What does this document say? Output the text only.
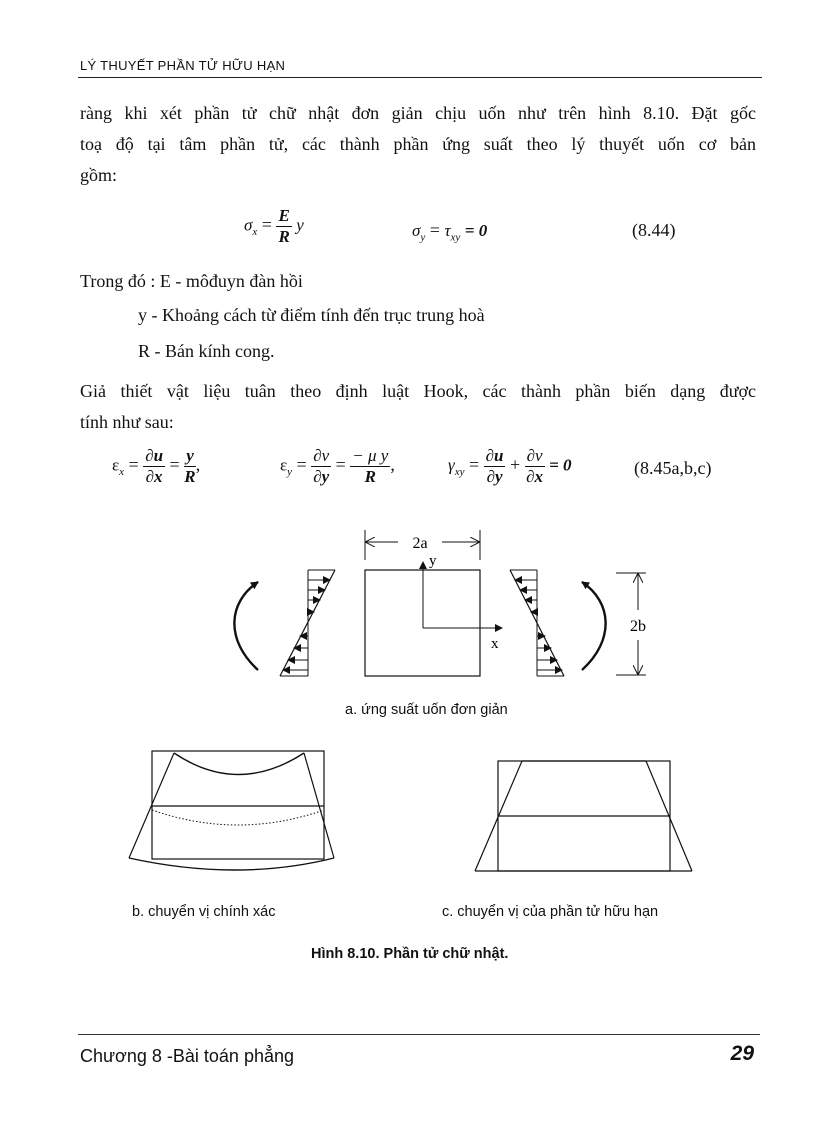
LÝ THUYẾT PHẦN TỬ HỮU HẠN
ràng khi xét phần tử chữ nhật đơn giản chịu uốn như trên hình 8.10. Đặt gốc
toạ độ tại tâm phần tử, các thành phần ứng suất theo lý thuyết uốn cơ bản
gồm:
$\sigma_x = \frac{E}{R}$ y	$\sigma_y = \tau_{xy} = 0$	(8.44)
Trong đó : E - môđuyn đàn hồi
y - Khoảng cách từ điểm tính đến trục trung hoà
R - Bán kính cong.
Giả thiết vật liệu tuân theo định luật Hook, các thành phần biến dạng được
tính như sau:
$\varepsilon_x = \frac{\partial u}{\partial x} = \frac{y}{R}$ ,	$\varepsilon_y = \frac{\partial v}{\partial y} = \frac{\text{− μ y}}{R}$ ,	$\gamma_{xy} = \frac{\partial u}{\partial y} + \frac{\partial v}{\partial x} = 0$	(8.45a,b,c)
2a
y
x
2b
a. ứng suất uốn đơn giản
b. chuyển vị chính xác	c. chuyển vị của phần tử hữu hạn
Hình 8.10. Phần tử chữ nhật.
Chương 8 -Bài toán phẳng	29
